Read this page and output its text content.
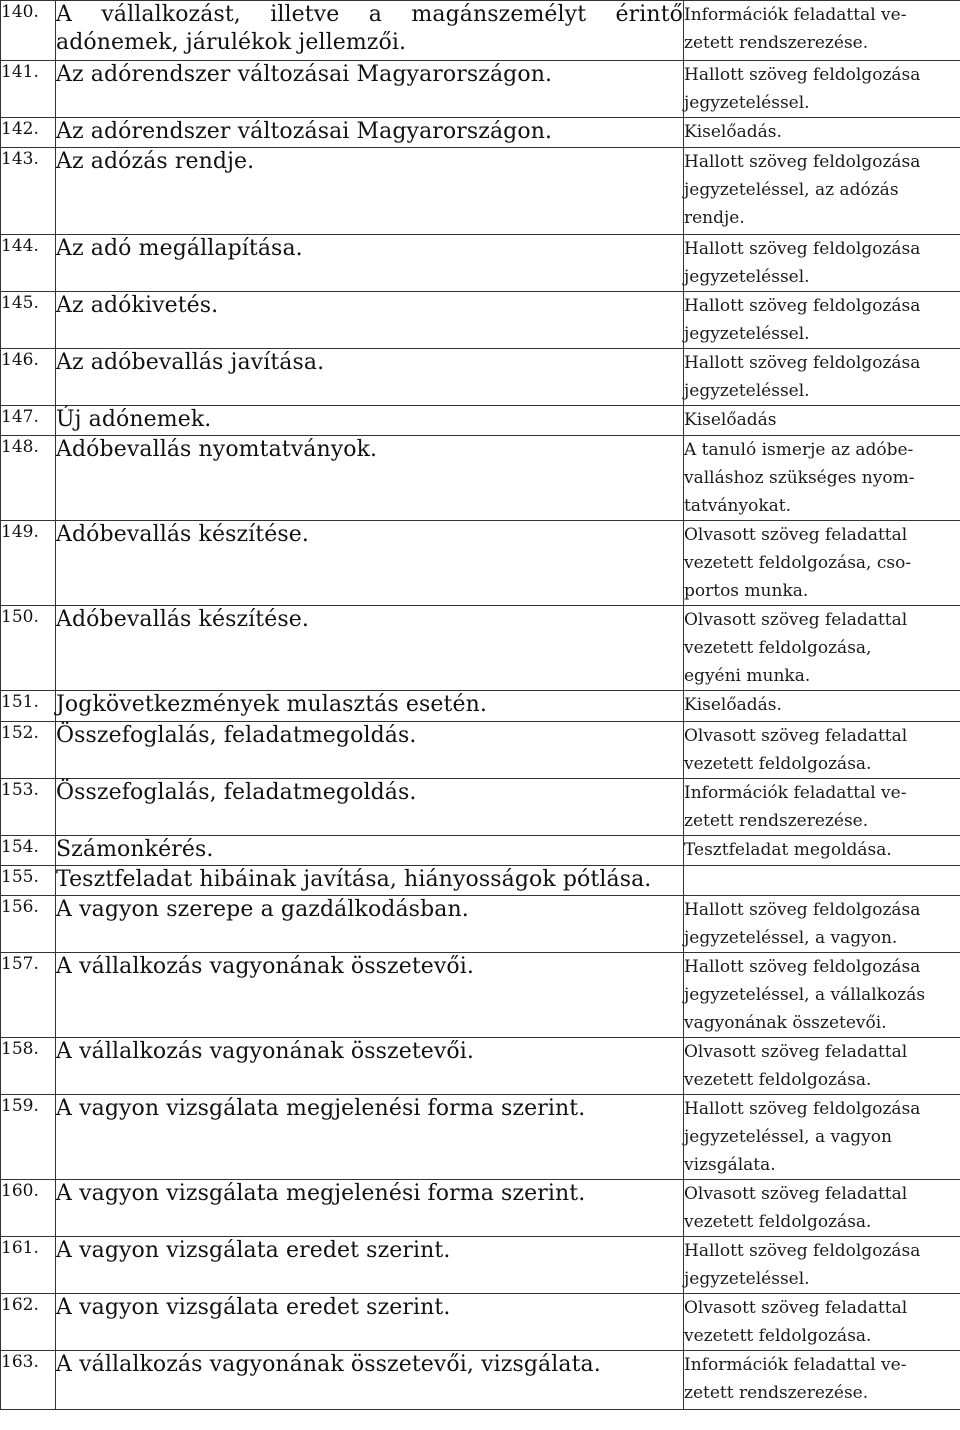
140.	A vállalkozást, illetve a magánszemélyt érintő
adónemek, járulékok jellemzői.	Információk feladattal ve-
zetett rendszerezése.

141.	Az adórendszer változásai Magyarországon.	Hallott szöveg feldolgozása
jegyzeteléssel.

142.	Az adórendszer változásai Magyarországon.	Kiselőadás.

143.	Az adózás rendje.	Hallott szöveg feldolgozása
jegyzeteléssel, az adózás
rendje.

144.	Az adó megállapítása.	Hallott szöveg feldolgozása
jegyzeteléssel.

145.	Az adókivetés.	Hallott szöveg feldolgozása
jegyzeteléssel.

146.	Az adóbevallás javítása.	Hallott szöveg feldolgozása
jegyzeteléssel.

147.	Új adónemek.	Kiselőadás

148.	Adóbevallás nyomtatványok.	A tanuló ismerje az adóbe-
valláshoz szükséges nyom-
tatványokat.

149.	Adóbevallás készítése.	Olvasott szöveg feladattal
vezetett feldolgozása, cso-
portos munka.

150.	Adóbevallás készítése.	Olvasott szöveg feladattal
vezetett feldolgozása,
egyéni munka.

151.	Jogkövetkezmények mulasztás esetén.	Kiselőadás.

152.	Összefoglalás, feladatmegoldás.	Olvasott szöveg feladattal
vezetett feldolgozása.

153.	Összefoglalás, feladatmegoldás.	Információk feladattal ve-
zetett rendszerezése.

154.	Számonkérés.	Tesztfeladat megoldása.

155.	Tesztfeladat hibáinak javítása, hiányosságok pótlása.	

156.	A vagyon szerepe a gazdálkodásban.	Hallott szöveg feldolgozása
jegyzeteléssel, a vagyon.

157.	A vállalkozás vagyonának összetevői.	Hallott szöveg feldolgozása
jegyzeteléssel, a vállalkozás
vagyonának összetevői.

158.	A vállalkozás vagyonának összetevői.	Olvasott szöveg feladattal
vezetett feldolgozása.

159.	A vagyon vizsgálata megjelenési forma szerint.	Hallott szöveg feldolgozása
jegyzeteléssel, a vagyon
vizsgálata.

160.	A vagyon vizsgálata megjelenési forma szerint.	Olvasott szöveg feladattal
vezetett feldolgozása.

161.	A vagyon vizsgálata eredet szerint.	Hallott szöveg feldolgozása
jegyzeteléssel.

162.	A vagyon vizsgálata eredet szerint.	Olvasott szöveg feladattal
vezetett feldolgozása.

163.	A vállalkozás vagyonának összetevői, vizsgálata.	Információk feladattal ve-
zetett rendszerezése.
